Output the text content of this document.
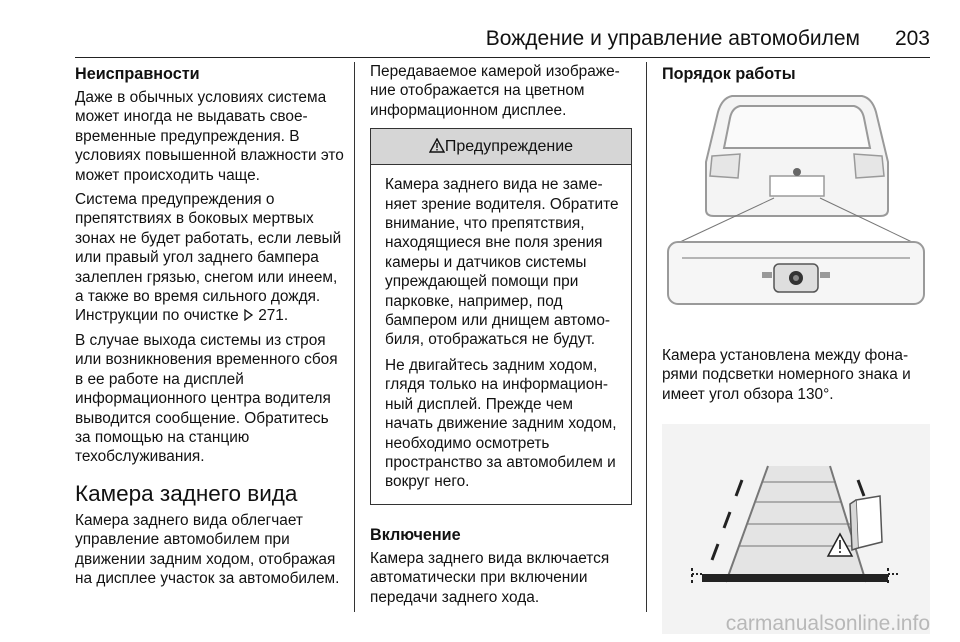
Вождение и управление автомобилем	203
Неисправности

Даже в обычных условиях система может иногда не выдавать своевременные предупреждения. В условиях повышенной влажности это может происходить чаще.

Система предупреждения о препятствиях в боковых мертвых зонах не будет работать, если левый или правый угол заднего бампера залеплен грязью, снегом или инеем, а также во время сильного дождя. Инструкции по очистке 271.

В случае выхода системы из строя или возникновения временного сбоя в ее работе на дисплей информационного центра водителя выводится сообщение. Обратитесь за помощью на станцию техобслуживания.

Камера заднего вида

Камера заднего вида облегчает управление автомобилем при движении задним ходом, отображая на дисплее участок за автомобилем.

Передаваемое камерой изображение отображается на цветном информационном дисплее.

Предупреждение

Камера заднего вида не заменяет зрение водителя. Обратите внимание, что препятствия, находящиеся вне поля зрения камеры и датчиков системы упреждающей помощи при парковке, например, под бампером или днищем автомобиля, отображаться не будут.

Не двигайтесь задним ходом, глядя только на информационный дисплей. Прежде чем начать движение задним ходом, необходимо осмотреть пространство за автомобилем и вокруг него.

Включение

Камера заднего вида включается автоматически при включении передачи заднего хода.

Порядок работы

Камера установлена между фонарями подсветки номерного знака и имеет угол обзора 130°.

carmanualsonline.info
